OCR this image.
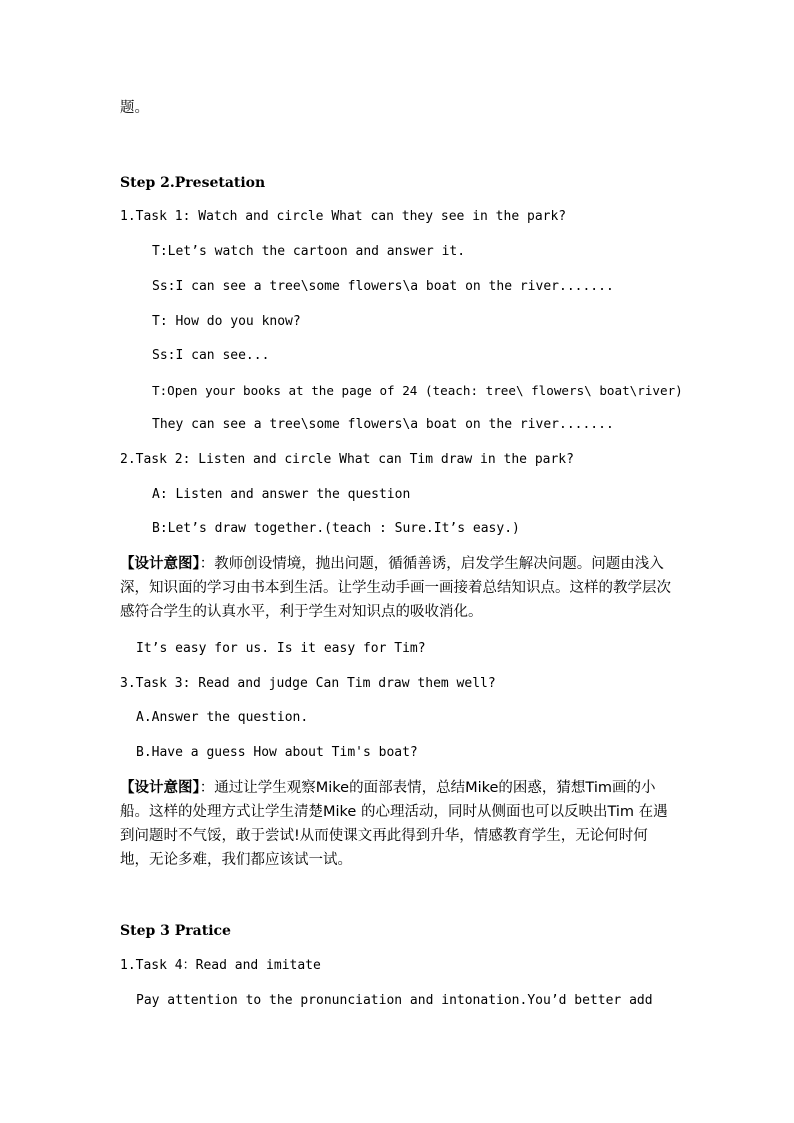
题。
Step 2.Presetation
1.Task 1: Watch and circle What can they see in the park?
T:Let’s watch the cartoon and answer it.
Ss:I can see a tree\some flowers\a boat on the river.......
T: How do you know?
Ss:I can see...
T:Open your books at the page of 24 (teach: tree\ flowers\ boat\river)
They can see a tree\some flowers\a boat on the river.......
2.Task 2: Listen and circle What can Tim draw in the park?
A: Listen and answer the question
B:Let’s draw together.(teach : Sure.It’s easy.)
【设计意图】：教师创设情境，抛出问题，循循善诱，启发学生解决问题。问题由浅入深，知识面的学习由书本到生活。让学生动手画一画接着总结知识点。这样的教学层次感符合学生的认真水平，利于学生对知识点的吸收消化。
It’s easy for us. Is it easy for Tim?
3.Task 3: Read and judge Can Tim draw them well?
A.Answer the question.
B.Have a guess How about Tim's boat?
【设计意图】：通过让学生观察Mike的面部表情，总结Mike的困惑，猜想Tim画的小船。这样的处理方式让学生清楚Mike 的心理活动，同时从侧面也可以反映出Tim 在遇到问题时不气馁，敢于尝试!从而使课文再此得到升华，情感教育学生，无论何时何地，无论多难，我们都应该试一试。
Step 3 Pratice
1.Task 4：Read and imitate
Pay attention to the pronunciation and intonation.You’d better add
